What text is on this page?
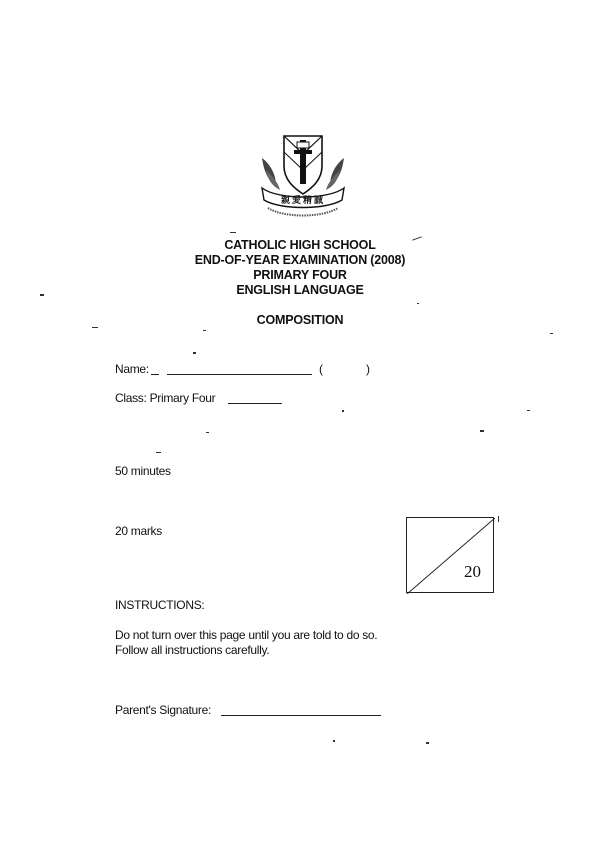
親愛精誠
CATHOLIC HIGH SCHOOL
END-OF-YEAR EXAMINATION (2008)
PRIMARY FOUR
ENGLISH LANGUAGE
COMPOSITION
Name:	(	)
Class: Primary Four
50 minutes
20 marks
20
INSTRUCTIONS:
Do not turn over this page until you are told to do so.
Follow all instructions carefully.
Parent's Signature:
